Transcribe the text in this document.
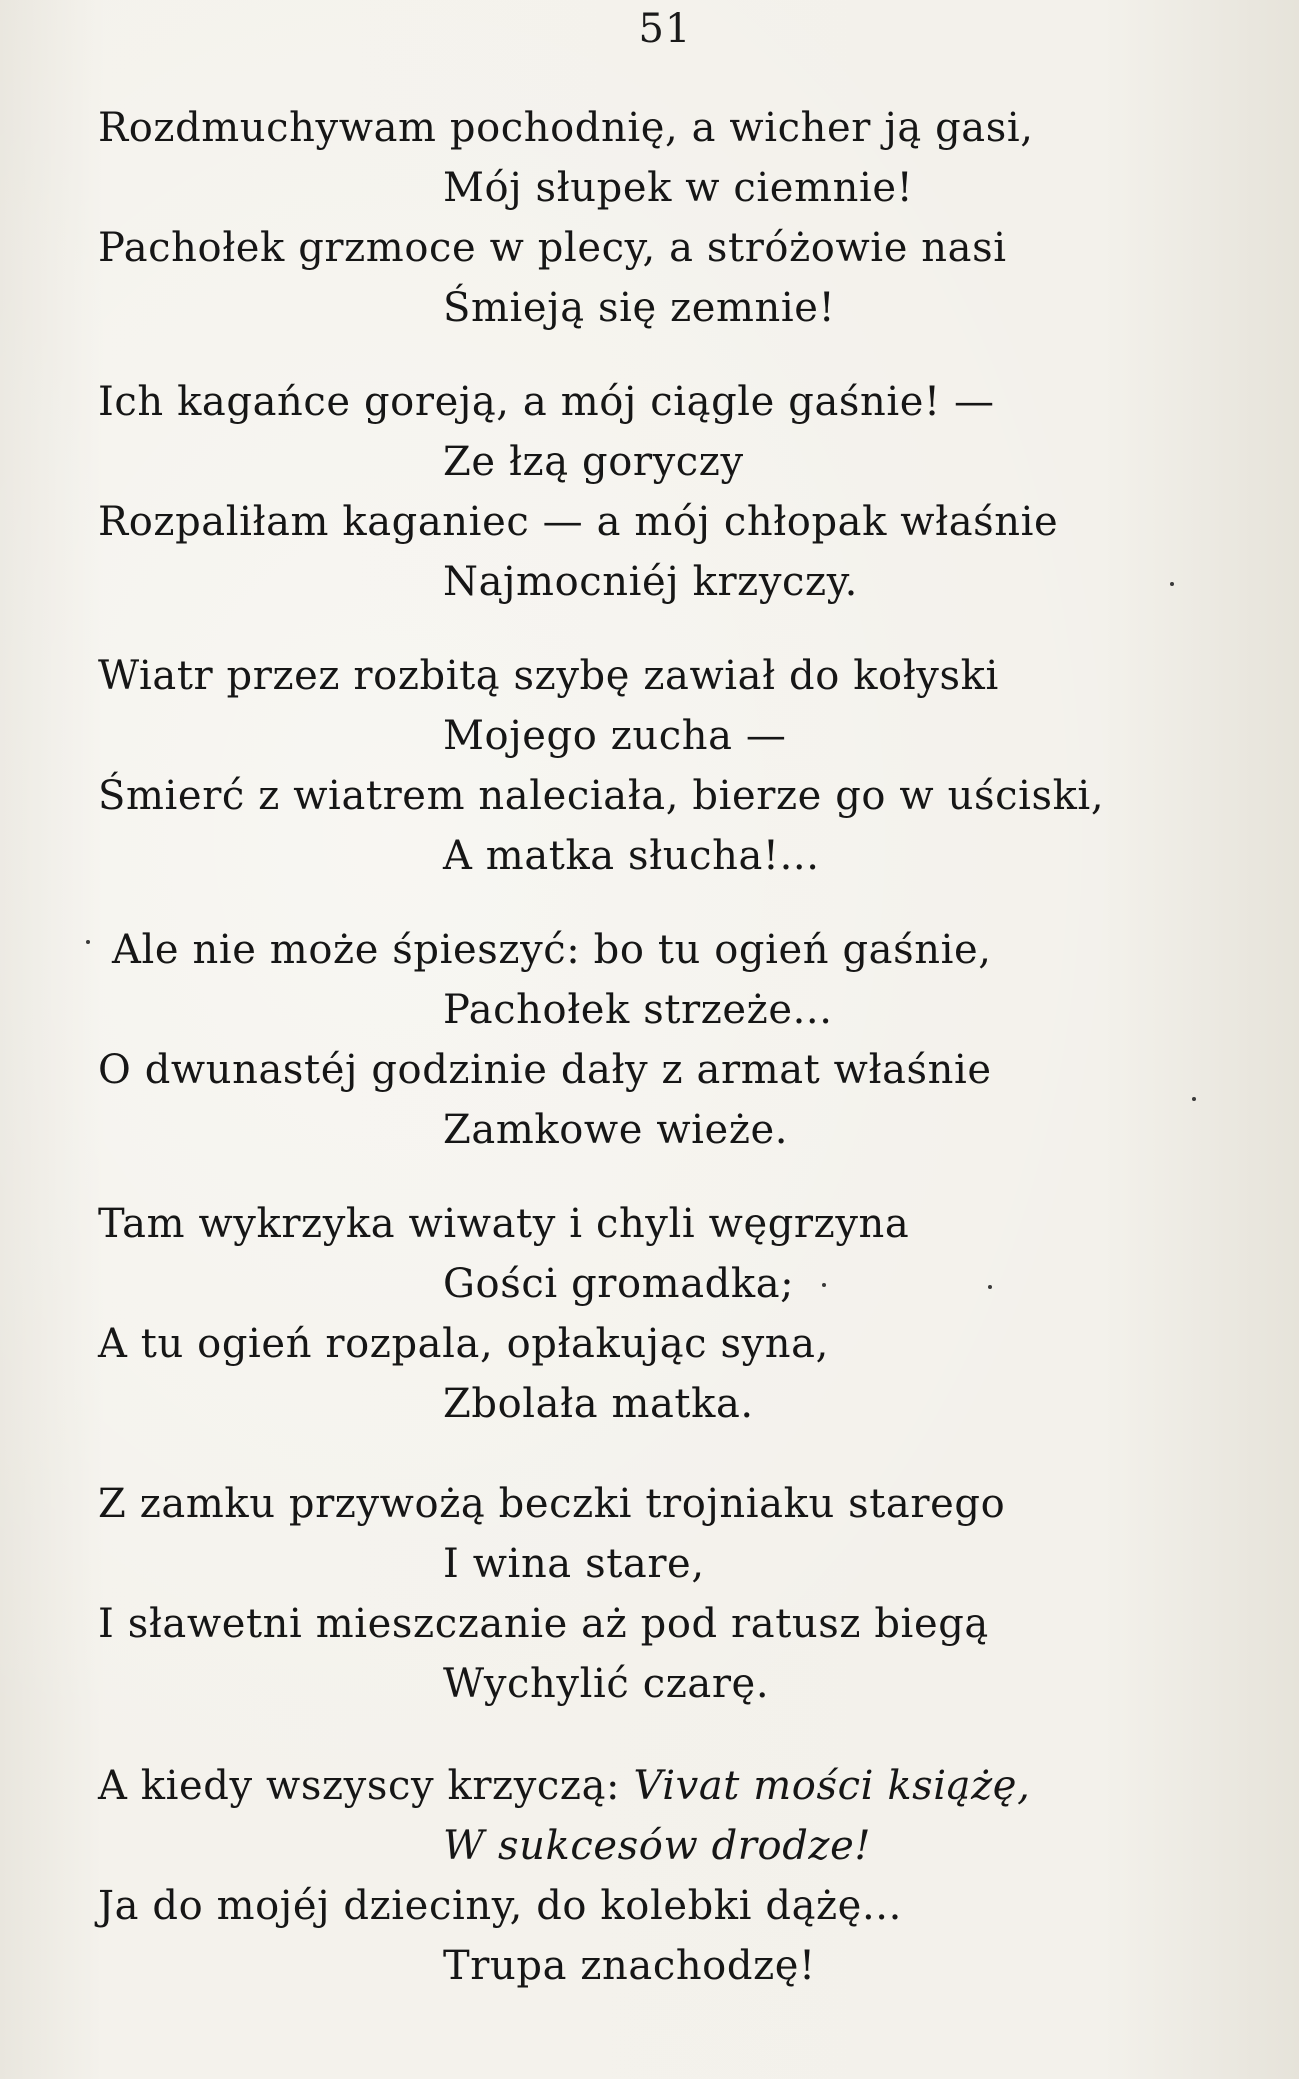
51
Rozdmuchywam pochodnię, a wicher ją gasi,
Mój słupek w ciemnie!
Pachołek grzmoce w plecy, a stróżowie nasi
Śmieją się zemnie!
Ich kagańce goreją, a mój ciągle gaśnie! —
Ze łzą goryczy
Rozpaliłam kaganiec — a mój chłopak właśnie
Najmocniéj krzyczy.
Wiatr przez rozbitą szybę zawiał do kołyski
Mojego zucha —
Śmierć z wiatrem naleciała, bierze go w uściski,
A matka słucha!...
Ale nie może śpieszyć: bo tu ogień gaśnie,
Pachołek strzeże...
O dwunastéj godzinie dały z armat właśnie
Zamkowe wieże.
Tam wykrzyka wiwaty i chyli węgrzyna
Gości gromadka;
A tu ogień rozpala, opłakując syna,
Zbolała matka.
Z zamku przywożą beczki trojniaku starego
I wina stare,
I sławetni mieszczanie aż pod ratusz biegą
Wychylić czarę.
A kiedy wszyscy krzyczą: Vivat mości książę,
W sukcesów drodze!
Ja do mojéj dzieciny, do kolebki dążę...
Trupa znachodzę!
